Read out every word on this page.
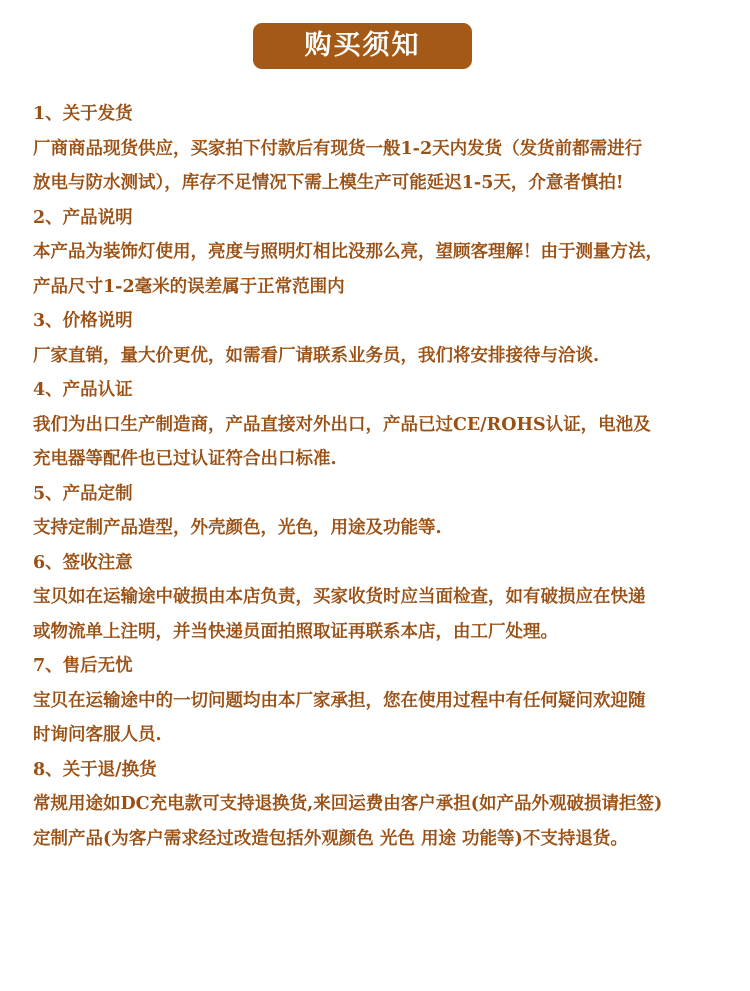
购买须知
1、关于发货
厂商商品现货供应，买家拍下付款后有现货一般1-2天内发货（发货前都需进行
放电与防水测试），库存不足情况下需上模生产可能延迟1-5天，介意者慎拍!
2、产品说明
本产品为装饰灯使用，亮度与照明灯相比没那么亮，望顾客理解！由于测量方法，
产品尺寸1-2毫米的误差属于正常范围内
3、价格说明
厂家直销，量大价更优，如需看厂请联系业务员，我们将安排接待与洽谈.
4、产品认证
我们为出口生产制造商，产品直接对外出口，产品已过CE/ROHS认证，电池及
充电器等配件也已过认证符合出口标准.
5、产品定制
支持定制产品造型，外壳颜色，光色，用途及功能等.
6、签收注意
宝贝如在运输途中破损由本店负责，买家收货时应当面检查，如有破损应在快递
或物流单上注明，并当快递员面拍照取证再联系本店，由工厂处理。
7、售后无忧
宝贝在运输途中的一切问题均由本厂家承担，您在使用过程中有任何疑问欢迎随
时询问客服人员.
8、关于退/换货
常规用途如DC充电款可支持退换货,来回运费由客户承担(如产品外观破损请拒签)
定制产品(为客户需求经过改造包括外观颜色 光色 用途 功能等)不支持退货。
